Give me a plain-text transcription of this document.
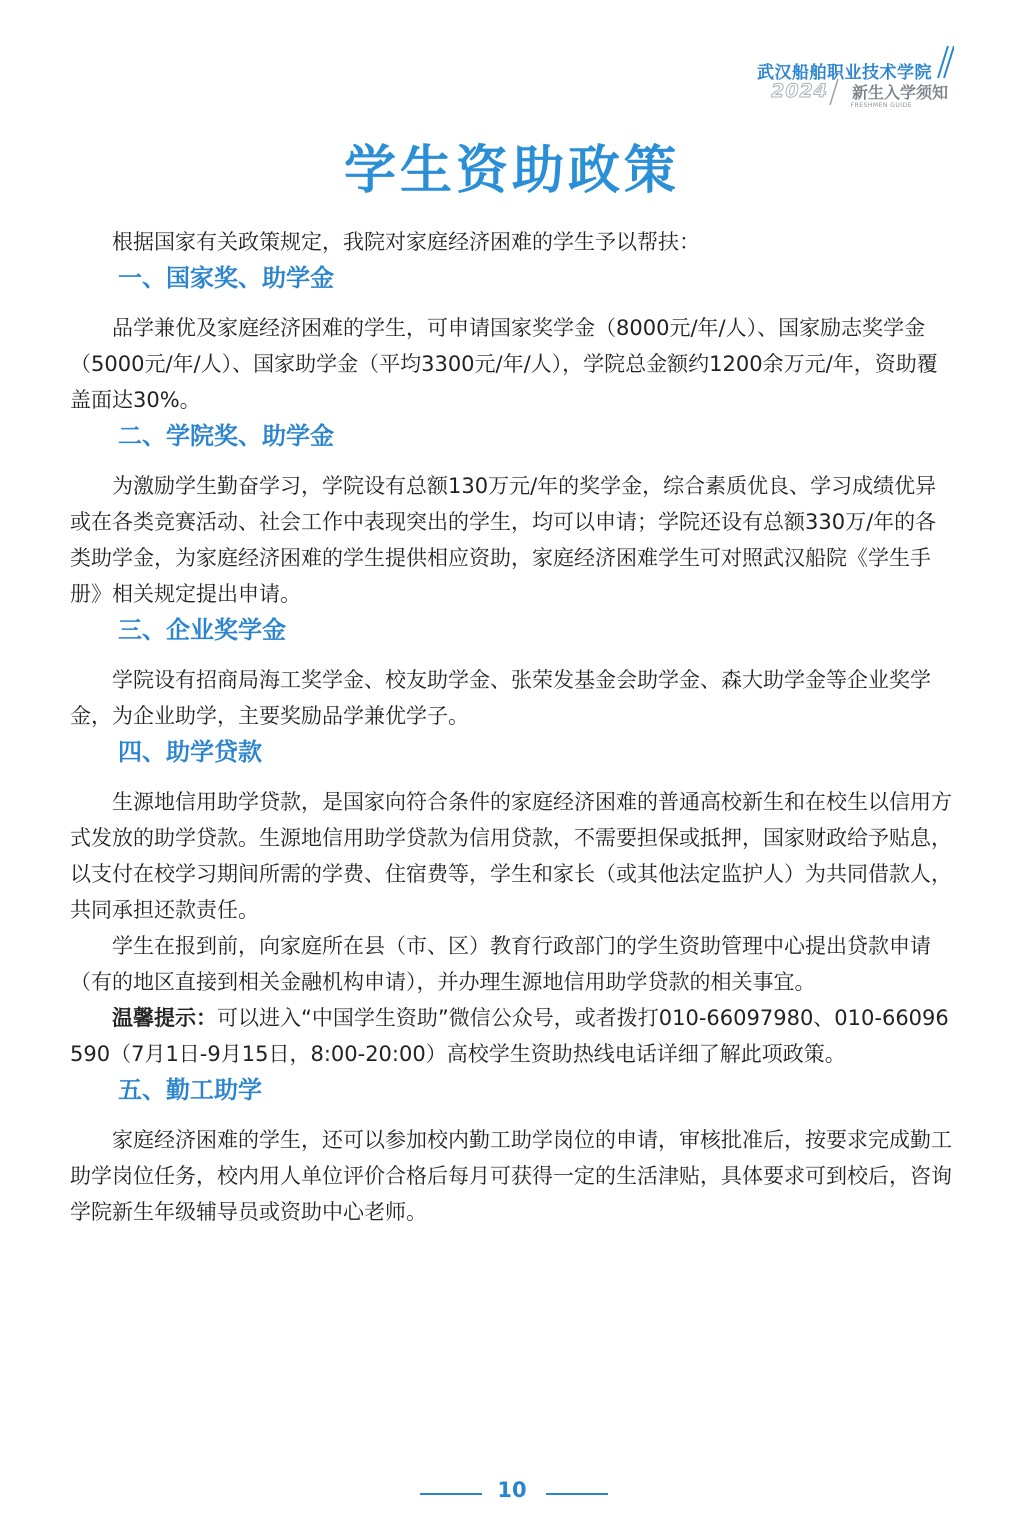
武汉船舶职业技术学院
2024 新生入学须知
FRESHMEN GUIDE
学生资助政策

根据国家有关政策规定，我院对家庭经济困难的学生予以帮扶：

一、国家奖、助学金

品学兼优及家庭经济困难的学生，可申请国家奖学金（8000元/年/人）、国家励志奖学金（5000元/年/人）、国家助学金（平均3300元/年/人），学院总金额约1200余万元/年，资助覆盖面达30%。

二、学院奖、助学金

为激励学生勤奋学习，学院设有总额130万元/年的奖学金，综合素质优良、学习成绩优异或在各类竞赛活动、社会工作中表现突出的学生，均可以申请；学院还设有总额330万/年的各类助学金，为家庭经济困难的学生提供相应资助，家庭经济困难学生可对照武汉船院《学生手册》相关规定提出申请。

三、企业奖学金

学院设有招商局海工奖学金、校友助学金、张荣发基金会助学金、森大助学金等企业奖学金，为企业助学，主要奖励品学兼优学子。

四、助学贷款

生源地信用助学贷款，是国家向符合条件的家庭经济困难的普通高校新生和在校生以信用方式发放的助学贷款。生源地信用助学贷款为信用贷款，不需要担保或抵押，国家财政给予贴息，以支付在校学习期间所需的学费、住宿费等，学生和家长（或其他法定监护人）为共同借款人，共同承担还款责任。

学生在报到前，向家庭所在县（市、区）教育行政部门的学生资助管理中心提出贷款申请（有的地区直接到相关金融机构申请），并办理生源地信用助学贷款的相关事宜。

温馨提示：可以进入“中国学生资助”微信公众号，或者拨打010-66097980、010-66096590（7月1日-9月15日，8:00-20:00）高校学生资助热线电话详细了解此项政策。

五、勤工助学

家庭经济困难的学生，还可以参加校内勤工助学岗位的申请，审核批准后，按要求完成勤工助学岗位任务，校内用人单位评价合格后每月可获得一定的生活津贴，具体要求可到校后，咨询学院新生年级辅导员或资助中心老师。

10
